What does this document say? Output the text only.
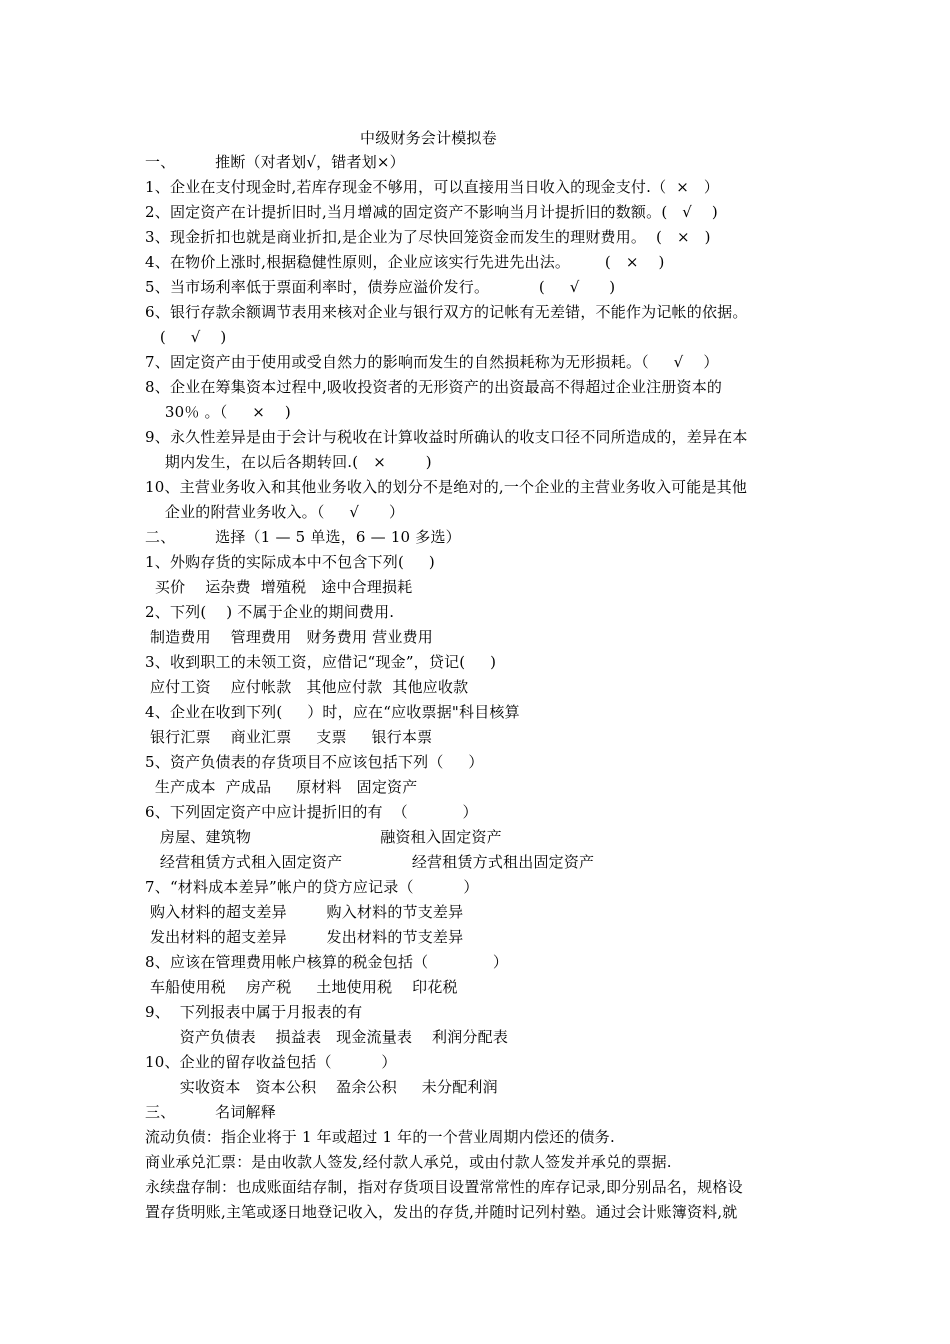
中级财务会计模拟卷
一、        推断（对者划√，错者划×）
1、企业在支付现金时,若库存现金不够用，可以直接用当日收入的现金支付.（  ×   ）
2、固定资产在计提折旧时,当月增减的固定资产不影响当月计提折旧的数额。(   √    )
3、现金折扣也就是商业折扣,是企业为了尽快回笼资金而发生的理财费用。  (   ×   )
4、在物价上涨时,根据稳健性原则，企业应该实行先进先出法。       (   ×    )
5、当市场利率低于票面利率时，债券应溢价发行。          (     √      )
6、银行存款余额调节表用来核对企业与银行双方的记帐有无差错，不能作为记帐的依据。
(     √    )
7、固定资产由于使用或受自然力的影响而发生的自然损耗称为无形损耗。（     √    ）
8、企业在筹集资本过程中,吸收投资者的无形资产的出资最高不得超过企业注册资本的
30％ 。（     ×    )
9、永久性差异是由于会计与税收在计算收益时所确认的收支口径不同所造成的，差异在本
期内发生，在以后各期转回.(   ×        )
10、主营业务收入和其他业务收入的划分不是绝对的,一个企业的主营业务收入可能是其他
企业的附营业务收入。（     √      ）
二、        选择（1 — 5 单选，6 — 10 多选）
1、外购存货的实际成本中不包含下列(     )
买价    运杂费  增殖税   途中合理损耗
2、下列(    ) 不属于企业的期间费用.
制造费用    管理费用   财务费用 营业费用
3、收到职工的未领工资，应借记“现金”，贷记(     )
应付工资    应付帐款   其他应付款  其他应收款
4、企业在收到下列(     ）时，应在“应收票据"科目核算
银行汇票    商业汇票     支票     银行本票
5、资产负债表的存货项目不应该包括下列（     ）
生产成本  产成品     原材料   固定资产
6、下列固定资产中应计提折旧的有  （           ）
房屋、建筑物                          融资租入固定资产
经营租赁方式租入固定资产              经营租赁方式租出固定资产
7、“材料成本差异”帐户的贷方应记录（          ）
购入材料的超支差异        购入材料的节支差异
发出材料的超支差异        发出材料的节支差异
8、应该在管理费用帐户核算的税金包括（             ）
车船使用税    房产税     土地使用税    印花税
9、  下列报表中属于月报表的有
资产负债表    损益表   现金流量表    利润分配表
10、企业的留存收益包括（          ）
实收资本   资本公积    盈余公积     未分配利润
三、        名词解释
流动负债：指企业将于 1 年或超过 1 年的一个营业周期内偿还的债务.
商业承兑汇票：是由收款人签发,经付款人承兑，或由付款人签发并承兑的票据.
永续盘存制：也成账面结存制，指对存货项目设置常常性的库存记录,即分别品名，规格设
置存货明账,主笔或逐日地登记收入，发出的存货,并随时记列村塾。通过会计账簿资料,就
